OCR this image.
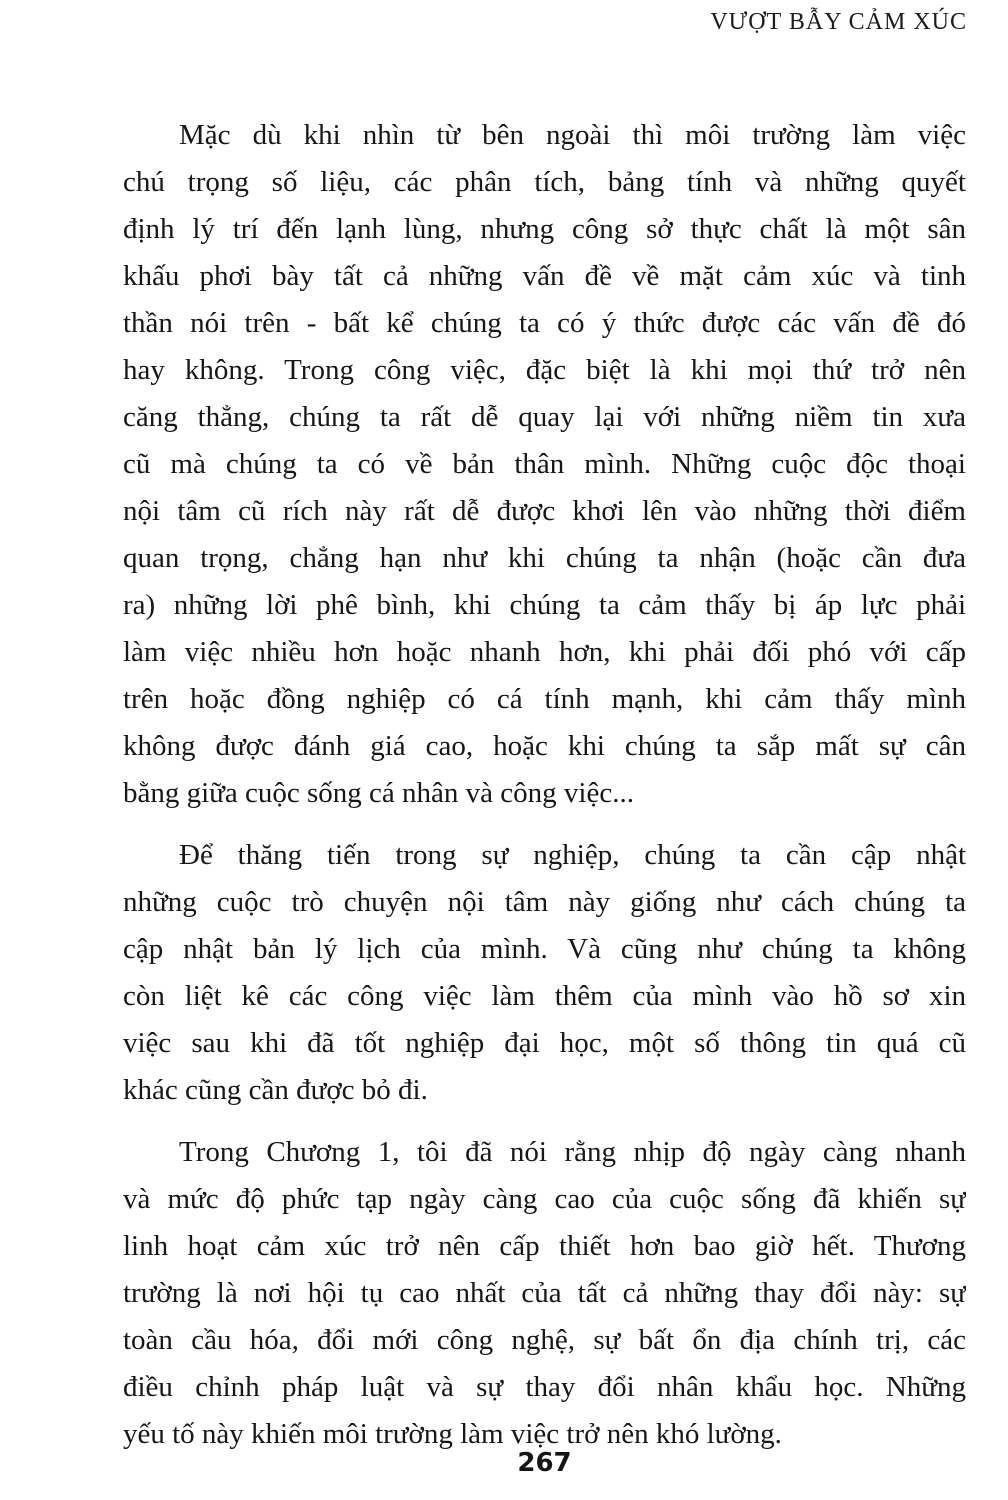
VƯỢT BẪY CẢM XÚC
Mặc dù khi nhìn từ bên ngoài thì môi trường làm việc
chú trọng số liệu, các phân tích, bảng tính và những quyết
định lý trí đến lạnh lùng, nhưng công sở thực chất là một sân
khấu phơi bày tất cả những vấn đề về mặt cảm xúc và tinh
thần nói trên - bất kể chúng ta có ý thức được các vấn đề đó
hay không. Trong công việc, đặc biệt là khi mọi thứ trở nên
căng thẳng, chúng ta rất dễ quay lại với những niềm tin xưa
cũ mà chúng ta có về bản thân mình. Những cuộc độc thoại
nội tâm cũ rích này rất dễ được khơi lên vào những thời điểm
quan trọng, chẳng hạn như khi chúng ta nhận (hoặc cần đưa
ra) những lời phê bình, khi chúng ta cảm thấy bị áp lực phải
làm việc nhiều hơn hoặc nhanh hơn, khi phải đối phó với cấp
trên hoặc đồng nghiệp có cá tính mạnh, khi cảm thấy mình
không được đánh giá cao, hoặc khi chúng ta sắp mất sự cân
bằng giữa cuộc sống cá nhân và công việc...
Để thăng tiến trong sự nghiệp, chúng ta cần cập nhật
những cuộc trò chuyện nội tâm này giống như cách chúng ta
cập nhật bản lý lịch của mình. Và cũng như chúng ta không
còn liệt kê các công việc làm thêm của mình vào hồ sơ xin
việc sau khi đã tốt nghiệp đại học, một số thông tin quá cũ
khác cũng cần được bỏ đi.
Trong Chương 1, tôi đã nói rằng nhịp độ ngày càng nhanh
và mức độ phức tạp ngày càng cao của cuộc sống đã khiến sự
linh hoạt cảm xúc trở nên cấp thiết hơn bao giờ hết. Thương
trường là nơi hội tụ cao nhất của tất cả những thay đổi này: sự
toàn cầu hóa, đổi mới công nghệ, sự bất ổn địa chính trị, các
điều chỉnh pháp luật và sự thay đổi nhân khẩu học. Những
yếu tố này khiến môi trường làm việc trở nên khó lường.
267
